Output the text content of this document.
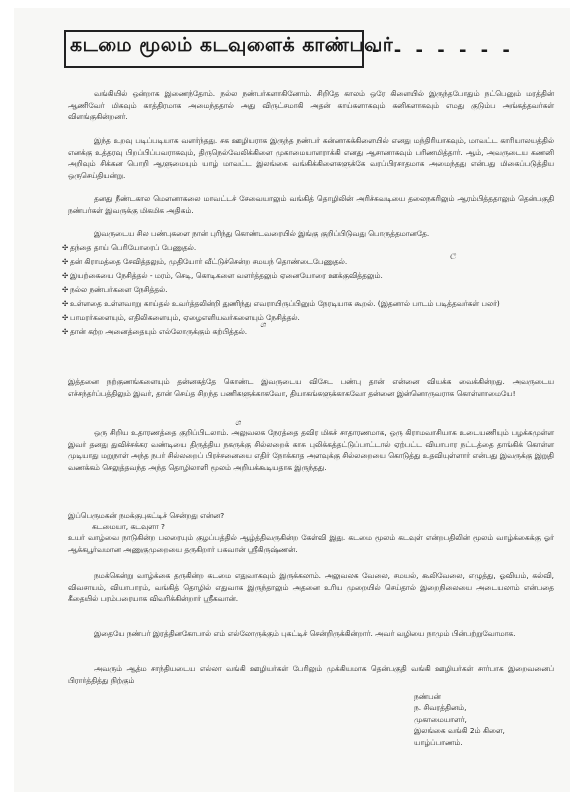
கடமை மூலம் கடவுளைக் காண்பவர்
- - - - - - -

வங்கியில் ஒன்றாக இணைந்தோம். நல்ல நண்பர்களாகினோம். சிறிதே காலம் ஒரே கிளையில் இருந்தபோதும் நட்பெனும் மரத்தின் ஆணிவேர் மிகவும் காத்திரமாக அமைந்ததால் அது விருட்சமாகி அதன் காய்களாகவும் கனிகளாகவும் எமது குடும்ப அங்கத்தவர்கள் விளங்குகின்றனர்.

இந்த உறவு படிப்படியாக வளர்ந்தது. சக ஊழியராக இருந்த நண்பர் கன்னாகக்கிளையில் எனது மந்திரியாகவும், மாவட்ட காரியாலயத்தில் எனக்கு உத்தரவு பிறப்பிப்பவராகவும், திருநெல்வேலிக்கிளை முகாமையாளராக்கி எனது ஆசானாகவும் பரிணமித்தார். ஆம், அவருடைய கணனி அறிவும் சிக்கன பொறி ஆளுமையும் யாழ் மாவட்ட இலங்கை வங்கிக்கிளைகளுக்கே வரப்பிரசாதமாக அமைந்தது என்பது மிகைப்படுத்திய ஒருசெய்தியன்று.

தனது நீண்டகால மௌனாகலை மாவட்டச் சேவையாலும் வங்கித் தொழிலின் அரிச்சுவடியை தலைநகரிலும் ஆரம்பித்ததாலும் தென்பகுதி நண்பர்கள் இவருக்கு மிகமிக அதிகம்.

இவருடைய சில பண்புகளை நான் புரிந்து கொண்டவரையில் இங்கு குறிப்பிடுவது பொருத்தமானதே.

✣ தந்தை தாய் பெரியோரைப் பேணுதல்.
✣ தன் கிராமத்தை சேவித்தலும், முதியோர் வீட்டுச்சென்ற சமயந் தொண்டைபேணுதல்.
✣ இயற்கையை நேசித்தல் - மரம், செடி, கொடிகளை வளர்த்தலும் ஏனையோரை ஊக்குவித்தலும்.
✣ நல்ல நண்பர்களை நேசித்தல்.
✣ உள்ளதை உள்ளவாறு காய்தல் உவர்த்தலின்றி துணிந்து எவராயிருப்பினும் நேரடியாக கூறல். (இதனால் பாடம் படித்தவர்கள் பலர்)
✣ பாமரர்களையும், எதிலிகளையும், ஏழைஎளியவர்களையும் நேசித்தல்.
✣ தான் கற்ற அனைத்தையும் எல்லோருக்கும் கற்பித்தல்.

இத்தனை நற்குணங்களையும் தன்னகத்தே கொண்ட இவருடைய விசேட பண்பு தான் என்னை வியக்க வைக்கின்றது. அவருடைய எச்சந்தர்ப்பத்திலும் இவர், தான் செய்த சிறந்த பணிகளுக்காகவோ, தியாகங்களுக்காகவோ தன்னை இன்னொருவராக கொள்ளாமையே!

ஒரு சிறிய உதாரணத்தை குறிப்பிடலாம். அலுவலக நேரத்தை தவிர மிகச் சாதாரணமாக, ஒரு கிராமவாசியாக உடையணியும் பழக்கமுள்ள இவர் தனது துவிச்சக்கர வண்டியை திருத்திய நகருக்கு சில்லறைக் காசு புலிக்கத்தட்டுப்பாட்டால் ஏற்பட்ட வியாபார நட்டத்தை தாங்கிக் கொள்ள முடியாது மறுநாள் அந்த நபர் சில்லறைப் பிரச்சனையை எதிர் நோக்காத அளவுக்கு சில்லறையை கொடுத்து உதவியுள்ளார் என்பது இவருக்கு இறுதி வணக்கம் செலுத்தவந்த அந்த தொழிலாளி மூலம் அறியக்கூடியதாக இருந்தது.

இப்பெருமகன் நமக்குபுகட்டிச் சென்றது என்ன?

கடமையா, கடவுளா ?

உயர் வாழ்வை நாடுகின்ற பலரையும் குழப்பத்தில் ஆழ்த்திவருகின்ற கேள்வி இது. கடமை மூலம் கடவுள் என்றபதிலின் மூலம் வாழ்க்கைக்கு ஓர் ஆக்கபூர்வமான அணுகுமுறையை தருகிறார் பகவான் ஸ்ரீகிருஷ்ணன்.

நமக்கென்று வாழ்க்கை தருகின்ற கடமை எதுவாகவும் இருக்கலாம். அலுவலக வேலை, சமயல், கூலிவேலை, எழுத்து, ஓவியம், கல்வி, விவசாயம், வியாபாரம், வங்கித் தொழில் எதுவாக இருந்தாலும் அதனை உரிய முறையில் செய்தால் இறைநிலையை அடையலாம் என்பதை கீதையில் பரம்பரையாக விவரிக்கின்றார் ஸ்ரீகவான்.

இதையே நண்பர் இரத்தினகோபால் எம் எல்லோருக்கும் புகட்டிச் சென்றிருக்கின்றார். அவர் வழியை நாமும் பின்பற்றுவோமாக.

அவரும் ஆத்ம சாந்தியடைய எல்லா வங்கி ஊழியர்கள் பேரிலும் முக்கியமாக தென்பகுதி வங்கி ஊழியர்கள் சார்பாக இறைவனைப் பிரார்த்தித்து நிற்கும்

நண்பன்
ந. சிவரத்தினம்,
முகாமையாளர்,
இலங்கை வங்கி 2ம் கிளை,
யாழ்ப்பாணம்.
ල
ශ
ශ
